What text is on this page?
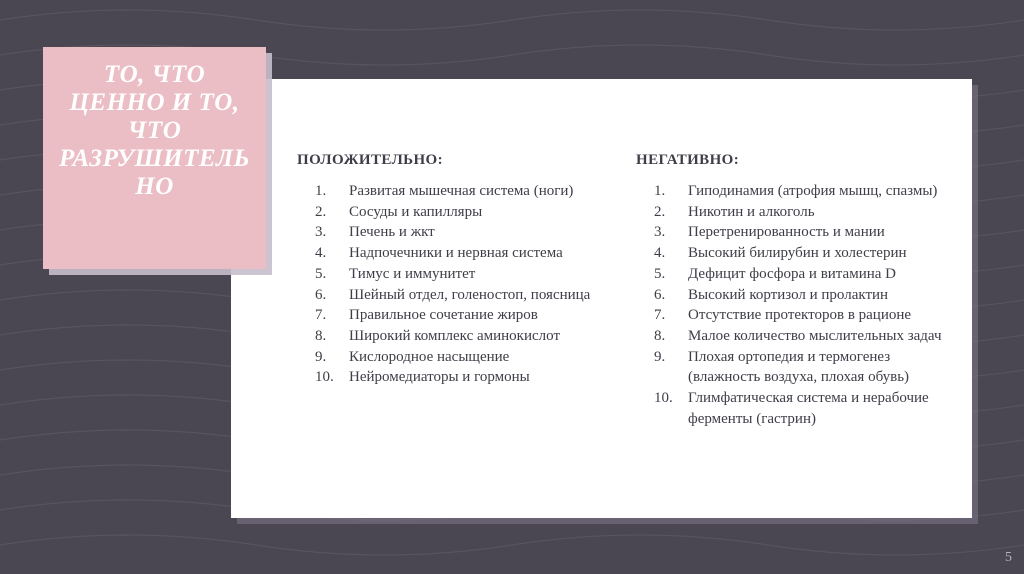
ТО, ЧТО ЦЕННО И ТО, ЧТО РАЗРУШИТЕЛЬНО
ПОЛОЖИТЕЛЬНО:
1. Развитая мышечная система (ноги)
2. Сосуды и капилляры
3. Печень и жкт
4. Надпочечники и нервная система
5. Тимус и иммунитет
6. Шейный отдел, голеностоп, поясница
7. Правильное сочетание жиров
8. Широкий комплекс аминокислот
9. Кислородное насыщение
10. Нейромедиаторы и гормоны
НЕГАТИВНО:
1. Гиподинамия (атрофия мышц, спазмы)
2. Никотин и алкоголь
3. Перетренированность и мании
4. Высокий билирубин и холестерин
5. Дефицит фосфора и витамина D
6. Высокий кортизол и пролактин
7. Отсутствие протекторов в рационе
8. Малое количество мыслительных задач
9. Плохая ортопедия и термогенез (влажность воздуха, плохая обувь)
10. Глимфатическая система и нерабочие ферменты (гастрин)
5
